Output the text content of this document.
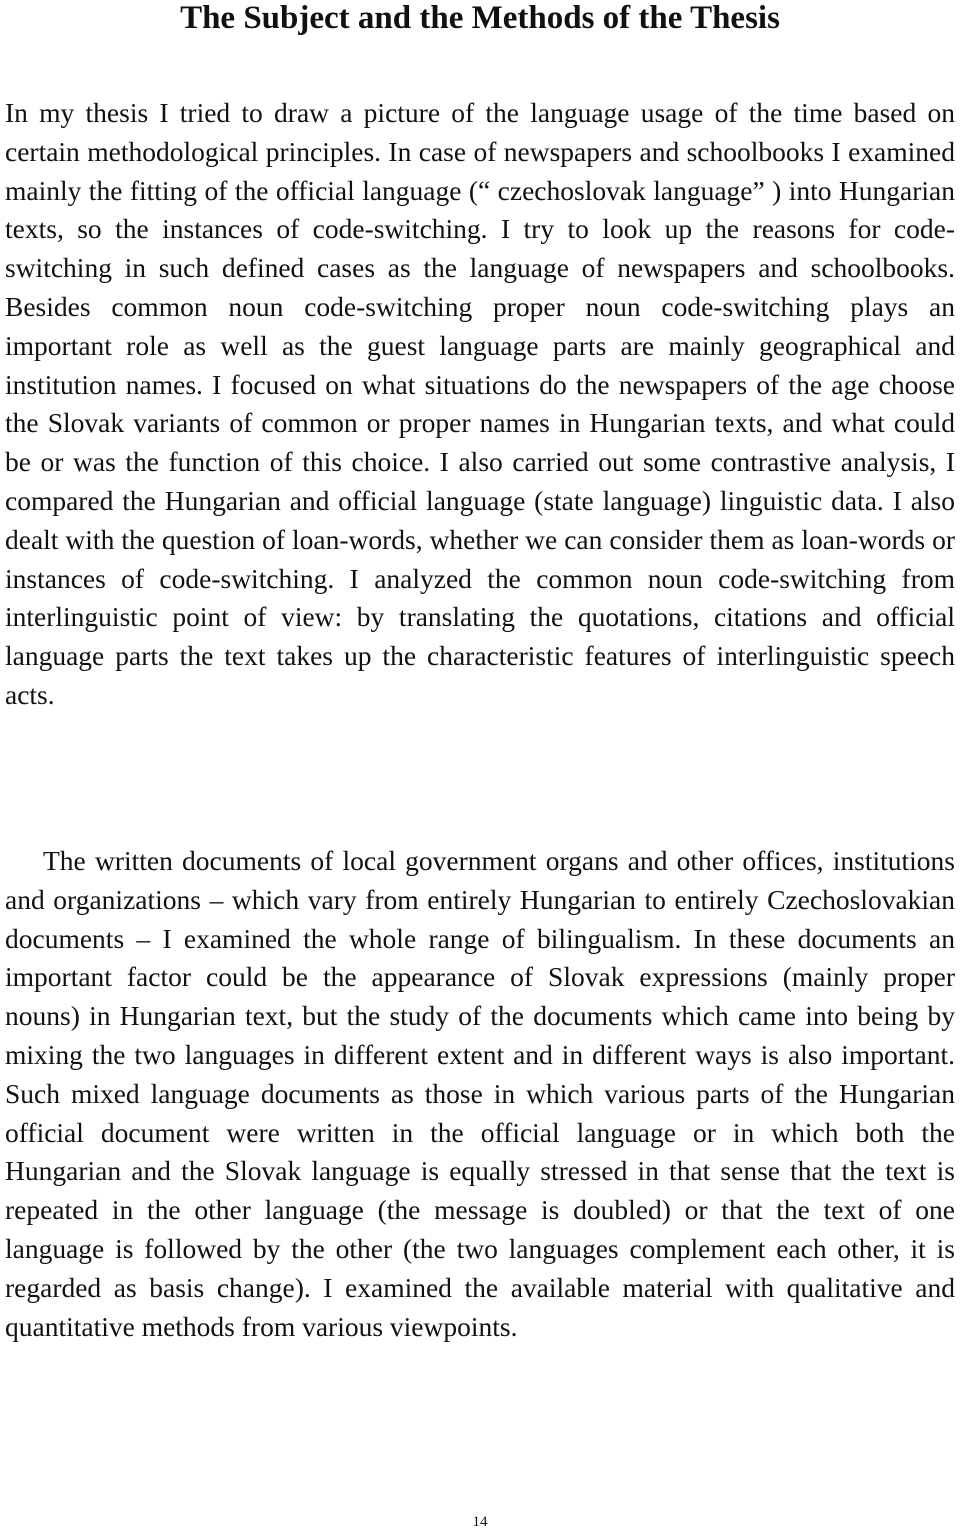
The Subject and the Methods of the Thesis

In my thesis I tried to draw a picture of the language usage of the time based on certain methodological principles. In case of newspapers and schoolbooks I examined mainly the fitting of the official language (“ czechoslovak language” ) into Hungarian texts, so the instances of code-switching. I try to look up the reasons for code-switching in such defined cases as the language of newspapers and schoolbooks. Besides common noun code-switching proper noun code-switching plays an important role as well as the guest language parts are mainly geographical and institution names. I focused on what situations do the newspapers of the age choose the Slovak variants of common or proper names in Hungarian texts, and what could be or was the function of this choice. I also carried out some contrastive analysis, I compared the Hungarian and official language (state language) linguistic data. I also dealt with the question of loan-words, whether we can consider them as loan-words or instances of code-switching. I analyzed the common noun code-switching from interlinguistic point of view: by translating the quotations, citations and official language parts the text takes up the characteristic features of interlinguistic speech acts.

The written documents of local government organs and other offices, institutions and organizations – which vary from entirely Hungarian to entirely Czechoslovakian documents – I examined the whole range of bilingualism. In these documents an important factor could be the appearance of Slovak expressions (mainly proper nouns) in Hungarian text, but the study of the documents which came into being by mixing the two languages in different extent and in different ways is also important. Such mixed language documents as those in which various parts of the Hungarian official document were written in the official language or in which both the Hungarian and the Slovak language is equally stressed in that sense that the text is repeated in the other language (the message is doubled) or that the text of one language is followed by the other (the two languages complement each other, it is regarded as basis change). I examined the available material with qualitative and quantitative methods from various viewpoints.

14
